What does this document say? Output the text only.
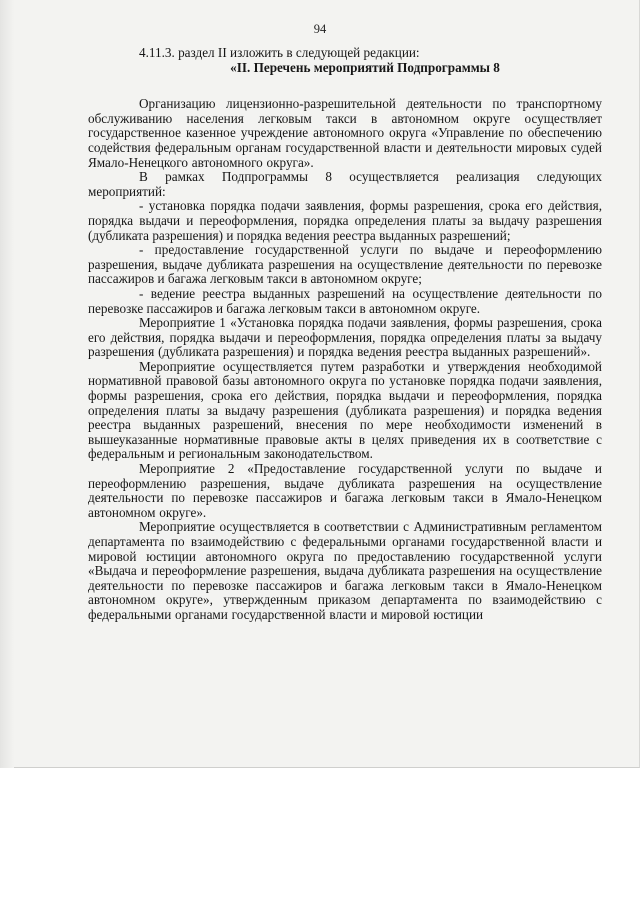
94

4.11.3. раздел II изложить в следующей редакции:

«II. Перечень мероприятий Подпрограммы 8

Организацию лицензионно-разрешительной деятельности по транспортному обслуживанию населения легковым такси в автономном округе осуществляет государственное казенное учреждение автономного округа «Управление по обеспечению содействия федеральным органам государственной власти и деятельности мировых судей Ямало-Ненецкого автономного округа».

В рамках Подпрограммы 8 осуществляется реализация следующих мероприятий:

- установка порядка подачи заявления, формы разрешения, срока его действия, порядка выдачи и переоформления, порядка определения платы за выдачу разрешения (дубликата разрешения) и порядка ведения реестра выданных разрешений;

- предоставление государственной услуги по выдаче и переоформлению разрешения, выдаче дубликата разрешения на осуществление деятельности по перевозке пассажиров и багажа легковым такси в автономном округе;

- ведение реестра выданных разрешений на осуществление деятельности по перевозке пассажиров и багажа легковым такси в автономном округе.

Мероприятие 1 «Установка порядка подачи заявления, формы разрешения, срока его действия, порядка выдачи и переоформления, порядка определения платы за выдачу разрешения (дубликата разрешения) и порядка ведения реестра выданных разрешений».

Мероприятие осуществляется путем разработки и утверждения необходимой нормативной правовой базы автономного округа по установке порядка подачи заявления, формы разрешения, срока его действия, порядка выдачи и переоформления, порядка определения платы за выдачу разрешения (дубликата разрешения) и порядка ведения реестра выданных разрешений, внесения по мере необходимости изменений в вышеуказанные нормативные правовые акты в целях приведения их в соответствие с федеральным и региональным законодательством.

Мероприятие 2 «Предоставление государственной услуги по выдаче и переоформлению разрешения, выдаче дубликата разрешения на осуществление деятельности по перевозке пассажиров и багажа легковым такси в Ямало-Ненецком автономном округе».

Мероприятие осуществляется в соответствии с Административным регламентом департамента по взаимодействию с федеральными органами государственной власти и мировой юстиции автономного округа по предоставлению государственной услуги «Выдача и переоформление разрешения, выдача дубликата разрешения на осуществление деятельности по перевозке пассажиров и багажа легковым такси в Ямало-Ненецком автономном округе», утвержденным приказом департамента по взаимодействию с федеральными органами государственной власти и мировой юстиции
